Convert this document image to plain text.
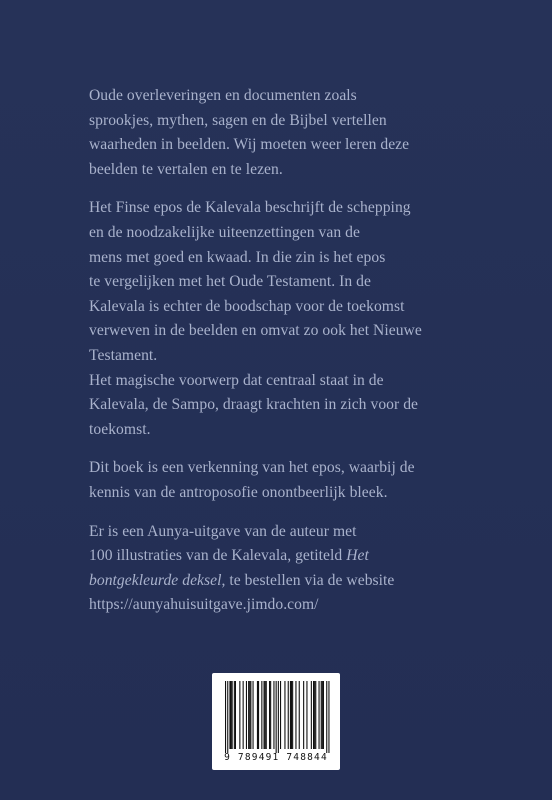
Oude overleveringen en documenten zoals
sprookjes, mythen, sagen en de Bijbel vertellen
waarheden in beelden. Wij moeten weer leren deze
beelden te vertalen en te lezen.

Het Finse epos de Kalevala beschrijft de schepping
en de noodzakelijke uiteenzettingen van de
mens met goed en kwaad. In die zin is het epos
te vergelijken met het Oude Testament. In de
Kalevala is echter de boodschap voor de toekomst
verweven in de beelden en omvat zo ook het Nieuwe
Testament.

Het magische voorwerp dat centraal staat in de
Kalevala, de Sampo, draagt krachten in zich voor de
toekomst.

Dit boek is een verkenning van het epos, waarbij de
kennis van de antroposofie onontbeerlijk bleek.

Er is een Aunya-uitgave van de auteur met
100 illustraties van de Kalevala, getiteld Het
bontgekleurde deksel, te bestellen via de website
https://aunyahuisuitgave.jimdo.com/

9 789491 748844
